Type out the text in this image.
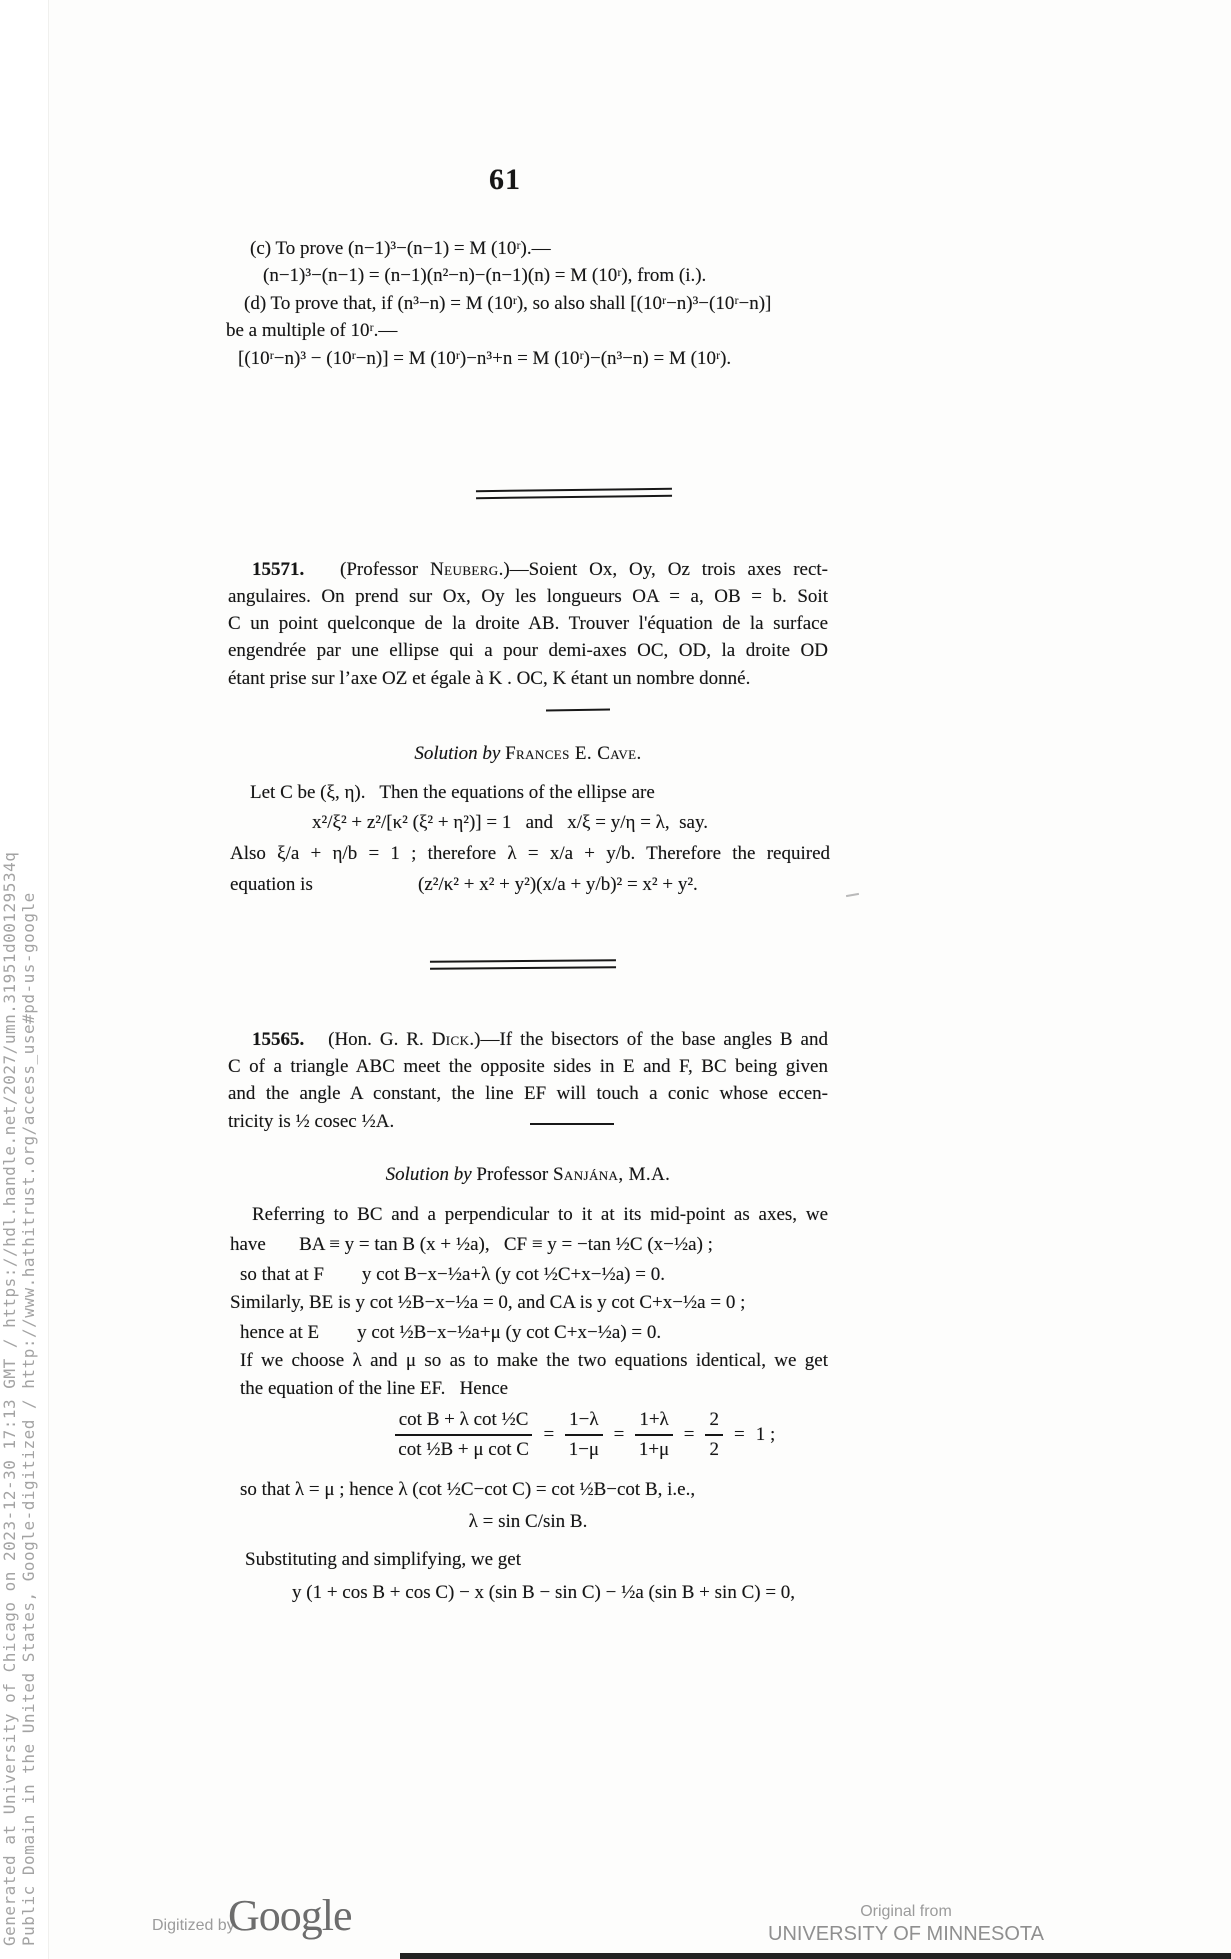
61
(c) To prove (n−1)³−(n−1) = M (10ʳ).—
(n−1)³−(n−1) = (n−1)(n²−n)−(n−1)(n) = M (10ʳ), from (i.).
(d) To prove that, if (n³−n) = M (10ʳ), so also shall [(10ʳ−n)³−(10ʳ−n)]
be a multiple of 10ʳ.—
[(10ʳ−n)³ − (10ʳ−n)] = M (10ʳ)−n³+n = M (10ʳ)−(n³−n) = M (10ʳ).
15571.   (Professor Neuberg.)—Soient Ox, Oy, Oz trois axes rect-
angulaires. On prend sur Ox, Oy les longueurs OA = a, OB = b. Soit
C un point quelconque de la droite AB. Trouver l'équation de la surface
engendrée par une ellipse qui a pour demi-axes OC, OD, la droite OD
étant prise sur l’axe OZ et égale à K . OC, K étant un nombre donné.
Solution by Frances E. Cave.
Let C be (ξ, η).   Then the equations of the ellipse are
x²/ξ² + z²/[κ² (ξ² + η²)] = 1   and   x/ξ = y/η = λ,  say.
Also ξ/a + η/b = 1 ; therefore λ = x/a + y/b. Therefore the required
equation is	(z²/κ² + x² + y²)(x/a + y/b)² = x² + y².
15565.   (Hon. G. R. Dick.)—If the bisectors of the base angles B and
C of a triangle ABC meet the opposite sides in E and F, BC being given
and the angle A constant, the line EF will touch a conic whose eccen-
tricity is ½ cosec ½A.
Solution by Professor Sanjána, M.A.
Referring to BC and a perpendicular to it at its mid-point as axes, we
have       BA ≡ y = tan B (x + ½a),   CF ≡ y = −tan ½C (x−½a) ;
so that at F        y cot B−x−½a+λ (y cot ½C+x−½a) = 0.
Similarly, BE is y cot ½B−x−½a = 0, and CA is y cot C+x−½a = 0 ;
hence at E        y cot ½B−x−½a+μ (y cot C+x−½a) = 0.
If we choose λ and μ so as to make the two equations identical, we get
the equation of the line EF.   Hence
$\frac{\text{cot B + λ cot ½C}}{\text{cot ½B + μ cot C}} = \frac{1-\lambda}{1-\mu} = \frac{1+\lambda}{1+\mu} = \frac{2}{2} = 1$ ;
so that λ = μ ; hence λ (cot ½C−cot C) = cot ½B−cot B, i.e.,
λ = sin C/sin B.
Substituting and simplifying, we get
y (1 + cos B + cos C) − x (sin B − sin C) − ½a (sin B + sin C) = 0,
Generated at University of Chicago on 2023-12-30 17:13 GMT / https://hdl.handle.net/2027/umn.31951d00129534q Public Domain in the United States, Google-digitized / http://www.hathitrust.org/access_use#pd-us-google	Digitized by
Google	Original from
UNIVERSITY OF MINNESOTA
